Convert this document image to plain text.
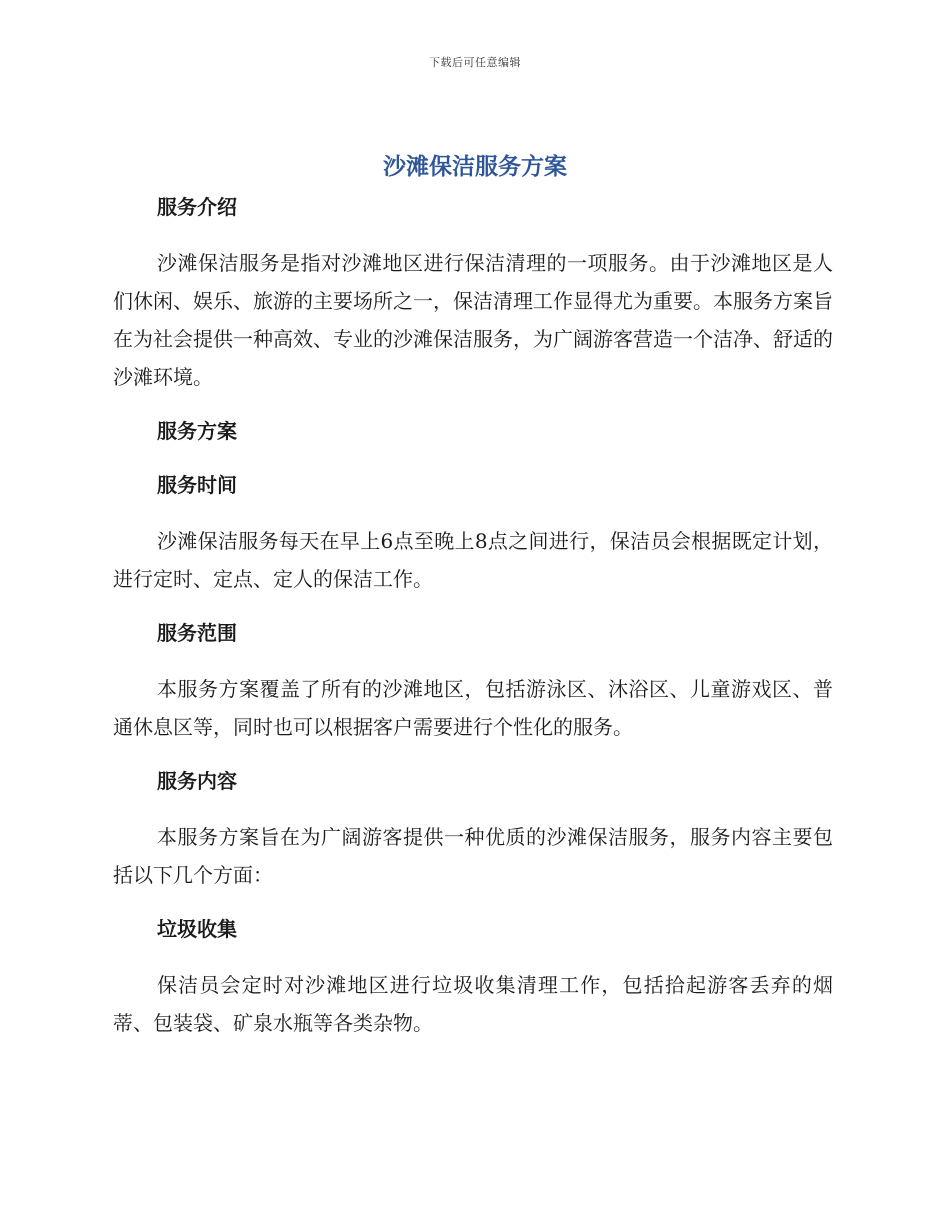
下载后可任意编辑
沙滩保洁服务方案
服务介绍

沙滩保洁服务是指对沙滩地区进行保洁清理的一项服务。由于沙滩地区是人们休闲、娱乐、旅游的主要场所之一，保洁清理工作显得尤为重要。本服务方案旨在为社会提供一种高效、专业的沙滩保洁服务，为广阔游客营造一个洁净、舒适的沙滩环境。

服务方案
服务时间

沙滩保洁服务每天在早上6点至晚上8点之间进行，保洁员会根据既定计划，进行定时、定点、定人的保洁工作。

服务范围

本服务方案覆盖了所有的沙滩地区，包括游泳区、沐浴区、儿童游戏区、普通休息区等，同时也可以根据客户需要进行个性化的服务。

服务内容

本服务方案旨在为广阔游客提供一种优质的沙滩保洁服务，服务内容主要包括以下几个方面：

垃圾收集

保洁员会定时对沙滩地区进行垃圾收集清理工作，包括拾起游客丢弃的烟蒂、包装袋、矿泉水瓶等各类杂物。
